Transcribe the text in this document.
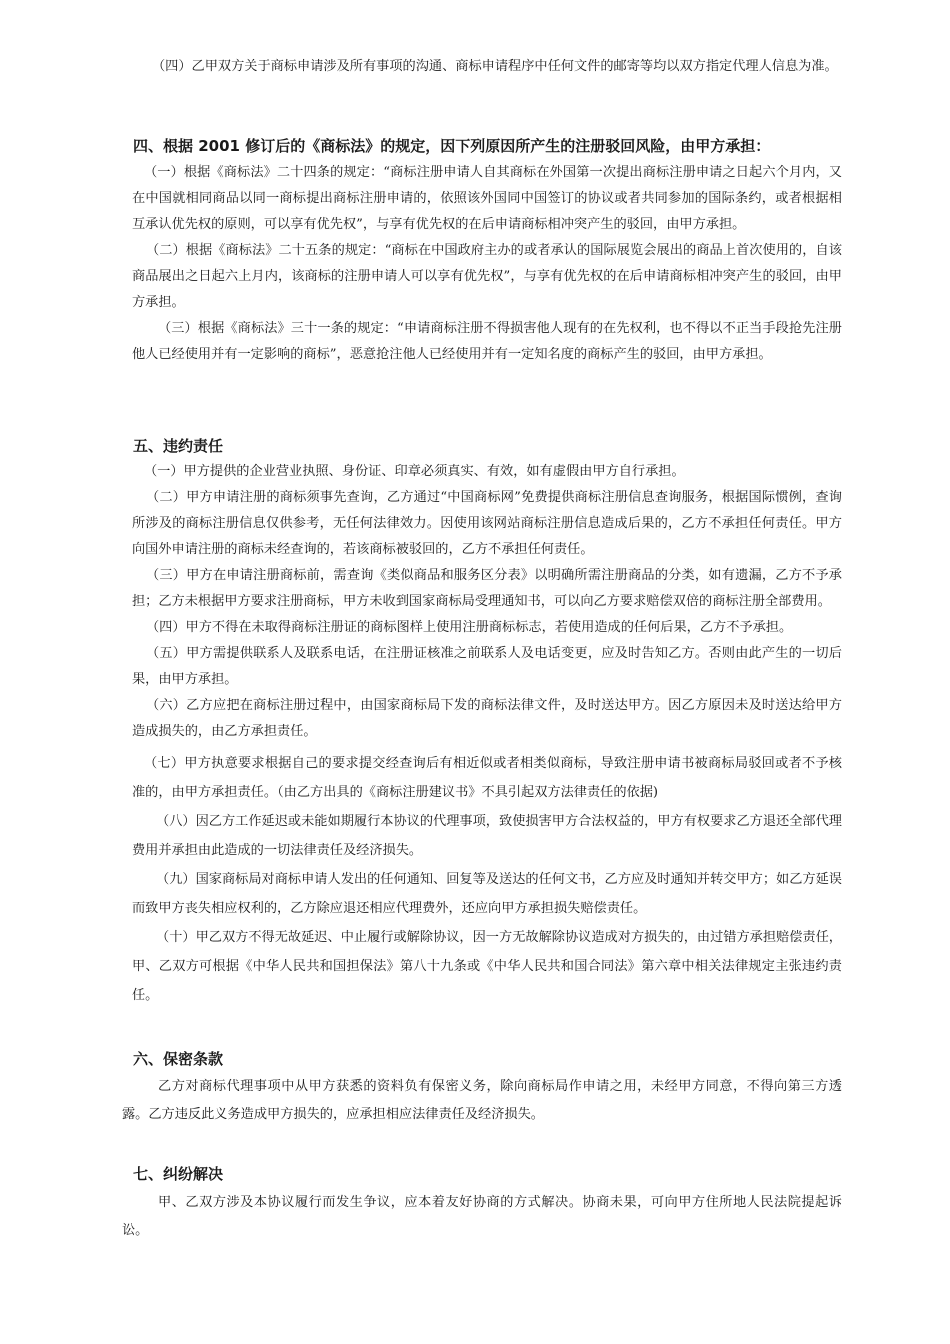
（四）乙甲双方关于商标申请涉及所有事项的沟通、商标申请程序中任何文件的邮寄等均以双方指定代理人信息为准。

四、根据 2001 修订后的《商标法》的规定，因下列原因所产生的注册驳回风险，由甲方承担：

（一）根据《商标法》二十四条的规定：“商标注册申请人自其商标在外国第一次提出商标注册申请之日起六个月内，又在中国就相同商品以同一商标提出商标注册申请的，依照该外国同中国签订的协议或者共同参加的国际条约，或者根据相互承认优先权的原则，可以享有优先权”，与享有优先权的在后申请商标相冲突产生的驳回，由甲方承担。

（二）根据《商标法》二十五条的规定：“商标在中国政府主办的或者承认的国际展览会展出的商品上首次使用的，自该商品展出之日起六上月内，该商标的注册申请人可以享有优先权”，与享有优先权的在后申请商标相冲突产生的驳回，由甲方承担。

（三）根据《商标法》三十一条的规定：“申请商标注册不得损害他人现有的在先权利，也不得以不正当手段抢先注册他人已经使用并有一定影响的商标”，恶意抢注他人已经使用并有一定知名度的商标产生的驳回，由甲方承担。

五、违约责任

（一）甲方提供的企业营业执照、身份证、印章必须真实、有效，如有虚假由甲方自行承担。

（二）甲方申请注册的商标须事先查询，乙方通过“中国商标网”免费提供商标注册信息查询服务，根据国际惯例，查询所涉及的商标注册信息仅供参考，无任何法律效力。因使用该网站商标注册信息造成后果的，乙方不承担任何责任。甲方向国外申请注册的商标未经查询的，若该商标被驳回的，乙方不承担任何责任。

（三）甲方在申请注册商标前，需查询《类似商品和服务区分表》以明确所需注册商品的分类，如有遗漏，乙方不予承担；乙方未根据甲方要求注册商标，甲方未收到国家商标局受理通知书，可以向乙方要求赔偿双倍的商标注册全部费用。

（四）甲方不得在未取得商标注册证的商标图样上使用注册商标标志，若使用造成的任何后果，乙方不予承担。

（五）甲方需提供联系人及联系电话，在注册证核准之前联系人及电话变更，应及时告知乙方。否则由此产生的一切后果，由甲方承担。

（六）乙方应把在商标注册过程中，由国家商标局下发的商标法律文件，及时送达甲方。因乙方原因未及时送达给甲方造成损失的，由乙方承担责任。

（七）甲方执意要求根据自己的要求提交经查询后有相近似或者相类似商标，导致注册申请书被商标局驳回或者不予核准的，由甲方承担责任。（由乙方出具的《商标注册建议书》不具引起双方法律责任的依据)

（八）因乙方工作延迟或未能如期履行本协议的代理事项，致使损害甲方合法权益的，甲方有权要求乙方退还全部代理费用并承担由此造成的一切法律责任及经济损失。

（九）国家商标局对商标申请人发出的任何通知、回复等及送达的任何文书，乙方应及时通知并转交甲方；如乙方延误而致甲方丧失相应权利的，乙方除应退还相应代理费外，还应向甲方承担损失赔偿责任。

（十）甲乙双方不得无故延迟、中止履行或解除协议，因一方无故解除协议造成对方损失的，由过错方承担赔偿责任，甲、乙双方可根据《中华人民共和国担保法》第八十九条或《中华人民共和国合同法》第六章中相关法律规定主张违约责任。

六、保密条款

乙方对商标代理事项中从甲方获悉的资料负有保密义务，除向商标局作申请之用，未经甲方同意，不得向第三方透露。乙方违反此义务造成甲方损失的，应承担相应法律责任及经济损失。

七、纠纷解决

甲、乙双方涉及本协议履行而发生争议，应本着友好协商的方式解决。协商未果，可向甲方住所地人民法院提起诉讼。
